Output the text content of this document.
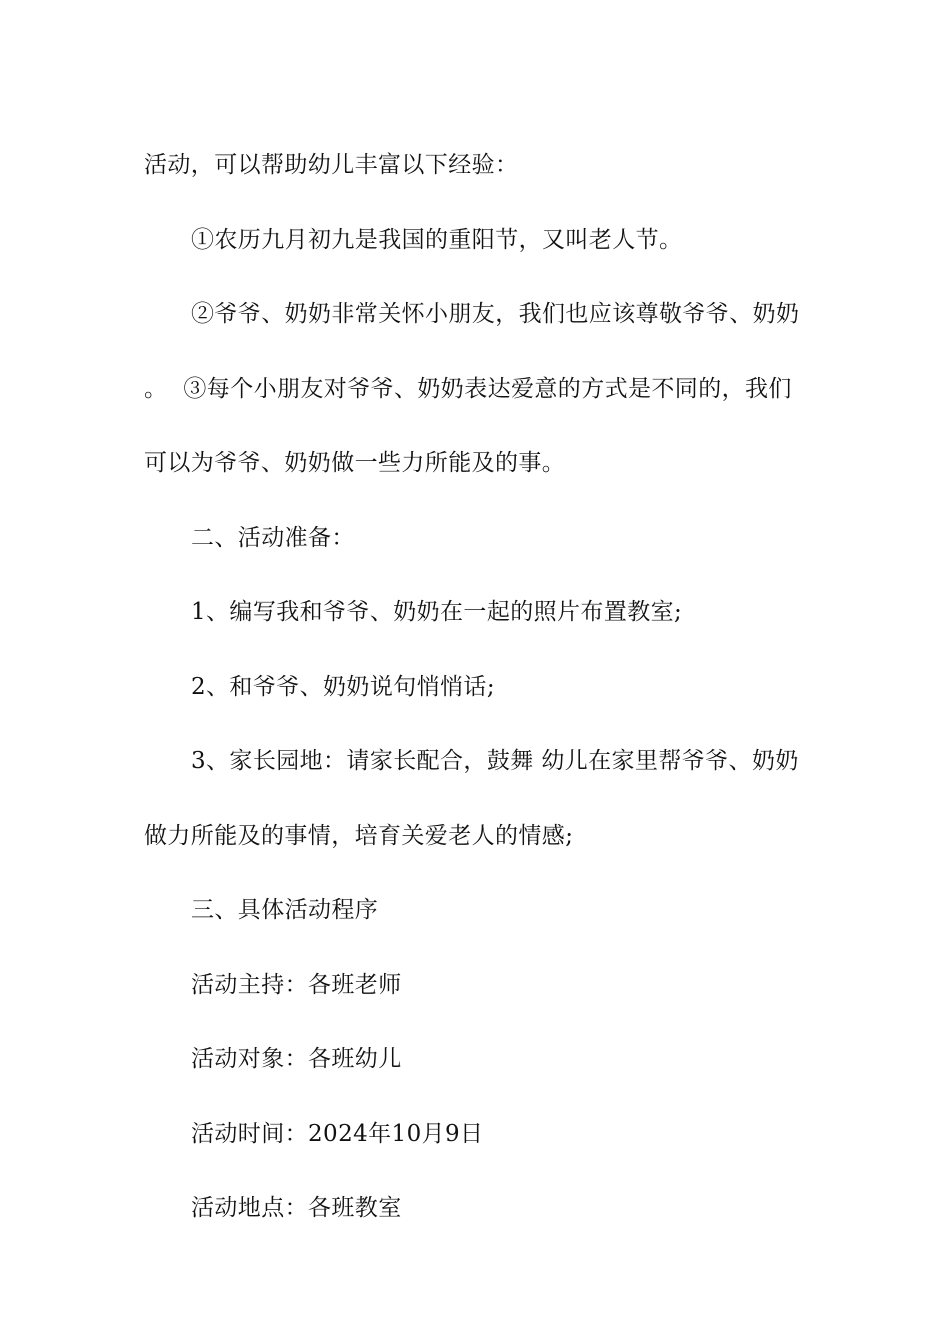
活动，可以帮助幼儿丰富以下经验：

①农历九月初九是我国的重阳节，又叫老人节。

②爷爷、奶奶非常关怀小朋友，我们也应该尊敬爷爷、奶奶。 ③每个小朋友对爷爷、奶奶表达爱意的方式是不同的，我们可以为爷爷、奶奶做一些力所能及的事。

二、活动准备：

1、编写我和爷爷、奶奶在一起的照片布置教室;

2、和爷爷、奶奶说句悄悄话;

3、家长园地：请家长配合，鼓舞 幼儿在家里帮爷爷、奶奶做力所能及的事情，培育关爱老人的情感;

三、具体活动程序

活动主持：各班老师

活动对象：各班幼儿

活动时间：2024年10月9日

活动地点：各班教室
